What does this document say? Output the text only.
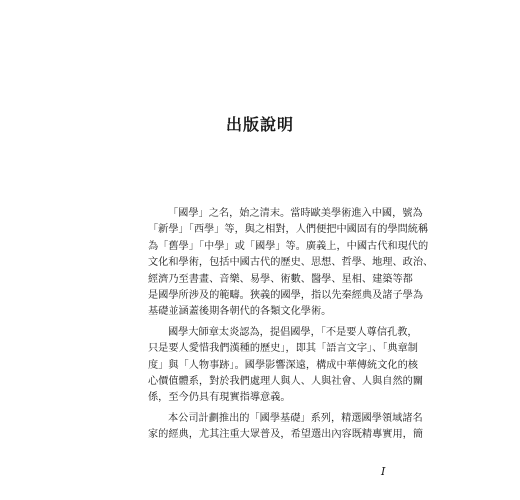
出版說明
「國學」之名，始之清末。當時歐美學術進入中國，號為
「新學」「西學」等，與之相對，人們便把中國固有的學問統稱
為「舊學」「中學」或「國學」等。廣義上，中國古代和現代的
文化和學術，包括中國古代的歷史、思想、哲學、地理、政治、
經濟乃至書畫、音樂、易學、術數、醫學、星相、建築等都
是國學所涉及的範疇。狹義的國學，指以先秦經典及諸子學為
基礎並涵蓋後期各朝代的各類文化學術。
國學大師章太炎認為，提倡國學，「不是要人尊信孔教，
只是要人愛惜我們漢種的歷史」，即其「語言文字」、「典章制
度」與「人物事跡」。國學影響深遠，構成中華傳統文化的核
心價值體系，對於我們處理人與人、人與社會、人與自然的關
係，至今仍具有現實指導意義。
本公司計劃推出的「國學基礎」系列，精選國學領域諸名
家的經典，尤其注重大眾普及，希望選出內容既精專實用，簡
I
